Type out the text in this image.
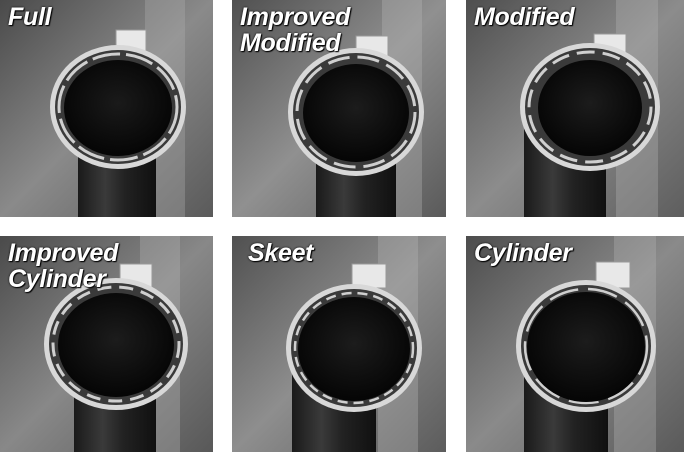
Full	Improved
Modified
Modified
Improved
Cylinder
Skeet	Cylinder
